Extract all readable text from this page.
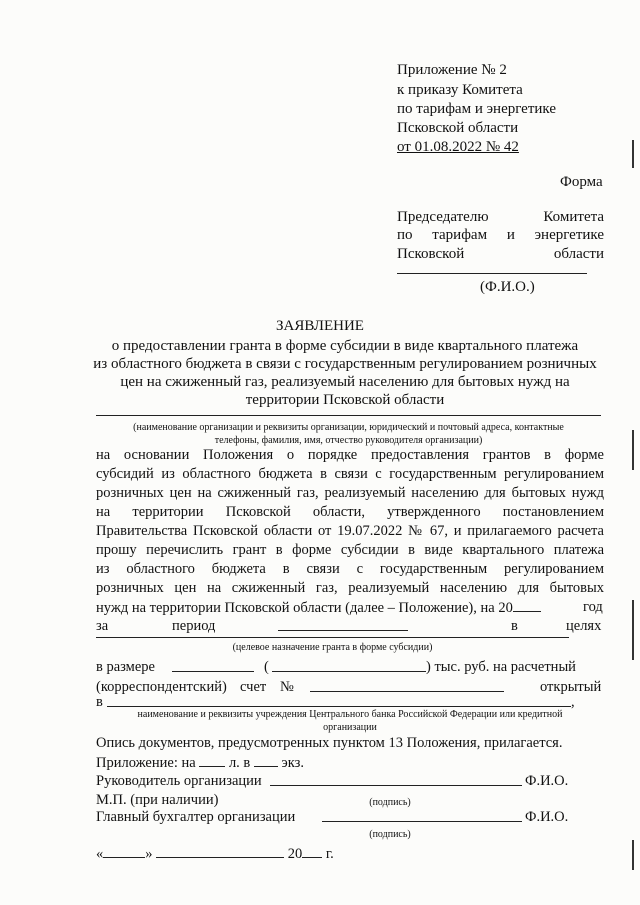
Приложение № 2
к приказу Комитета
по тарифам и энергетике
Псковской области
от 01.08.2022 № 42
Форма
Председателю	Комитета
по тарифам и энергетике
Псковской	области
(Ф.И.О.)
ЗАЯВЛЕНИЕ
о предоставлении гранта в форме субсидии в виде квартального платежа
из областного бюджета в связи с государственным регулированием розничных
цен на сжиженный газ, реализуемый населению для бытовых нужд на
территории Псковской области
(наименование организации и реквизиты организации, юридический и почтовый адреса, контактные
телефоны, фамилия, имя, отчество руководителя организации)
на основании Положения о порядке предоставления грантов в форме
субсидий из областного бюджета в связи с государственным регулированием
розничных цен на сжиженный газ, реализуемый населению для бытовых нужд
на территории Псковской области, утвержденного постановлением
Правительства Псковской области от 19.07.2022 № 67, и прилагаемого расчета
прошу перечислить грант в форме субсидии в виде квартального платежа
из областного бюджета в связи с государственным регулированием
розничных цен на сжиженный газ, реализуемый населению для бытовых
нужд на территории Псковской области (далее – Положение), на 20	год
за	период	в	целях
(целевое назначение гранта в форме субсидии)
в размере	(	) тыс. руб. на расчетный
(корреспондентский) счет №	открытый
в	,
наименование и реквизиты учреждения Центрального банка Российской Федерации или кредитной
организации
Опись документов, предусмотренных пунктом 13 Положения, прилагается.
Приложение: на л. в экз.
Руководитель организации	Ф.И.О.
М.П. (при наличии)	(подпись)
Главный бухгалтер организации	Ф.И.О.
(подпись)
«	»	20 г.
